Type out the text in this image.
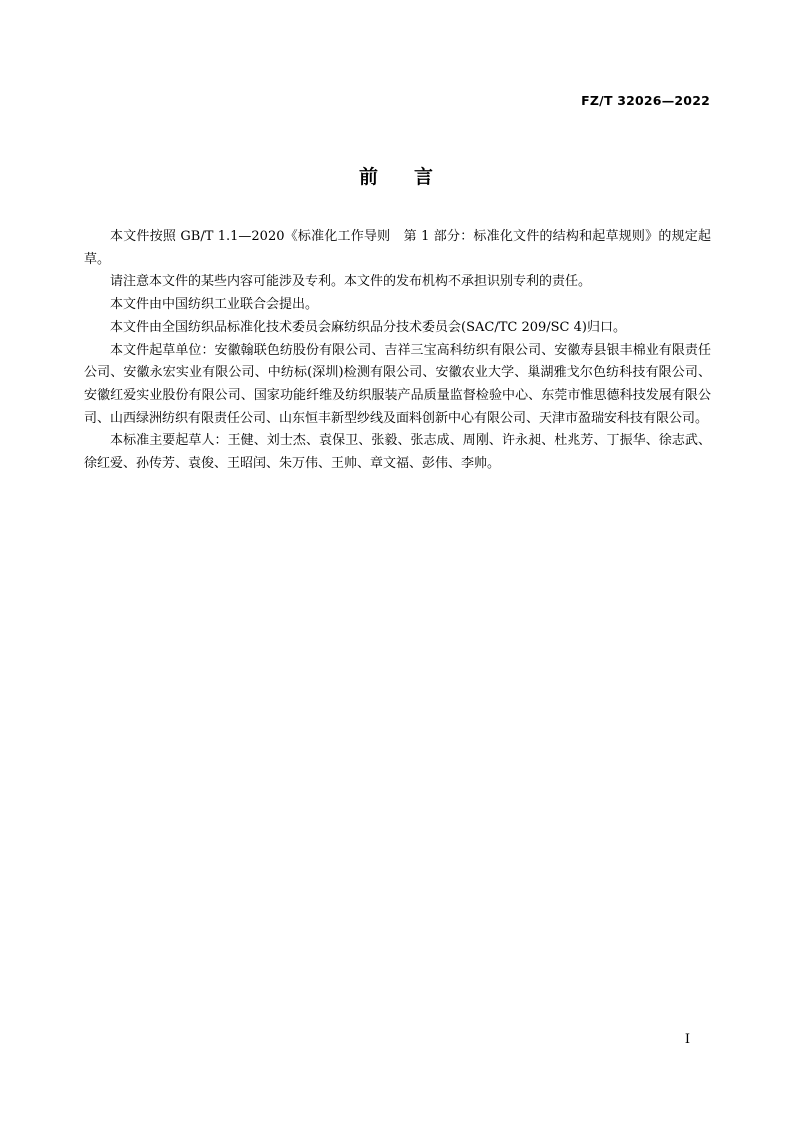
FZ/T 32026—2022
前 言

本文件按照 GB/T 1.1—2020《标准化工作导则　第 1 部分：标准化文件的结构和起草规则》的规定起草。

请注意本文件的某些内容可能涉及专利。本文件的发布机构不承担识别专利的责任。

本文件由中国纺织工业联合会提出。

本文件由全国纺织品标准化技术委员会麻纺织品分技术委员会(SAC/TC 209/SC 4)归口。

本文件起草单位：安徽翰联色纺股份有限公司、吉祥三宝高科纺织有限公司、安徽寿县银丰棉业有限责任公司、安徽永宏实业有限公司、中纺标(深圳)检测有限公司、安徽农业大学、巢湖雅戈尔色纺科技有限公司、安徽红爱实业股份有限公司、国家功能纤维及纺织服装产品质量监督检验中心、东莞市惟思德科技发展有限公司、山西绿洲纺织有限责任公司、山东恒丰新型纱线及面料创新中心有限公司、天津市盈瑞安科技有限公司。

本标准主要起草人：王健、刘士杰、袁保卫、张毅、张志成、周刚、许永昶、杜兆芳、丁振华、徐志武、徐红爱、孙传芳、袁俊、王昭闰、朱万伟、王帅、章文福、彭伟、李帅。

I
